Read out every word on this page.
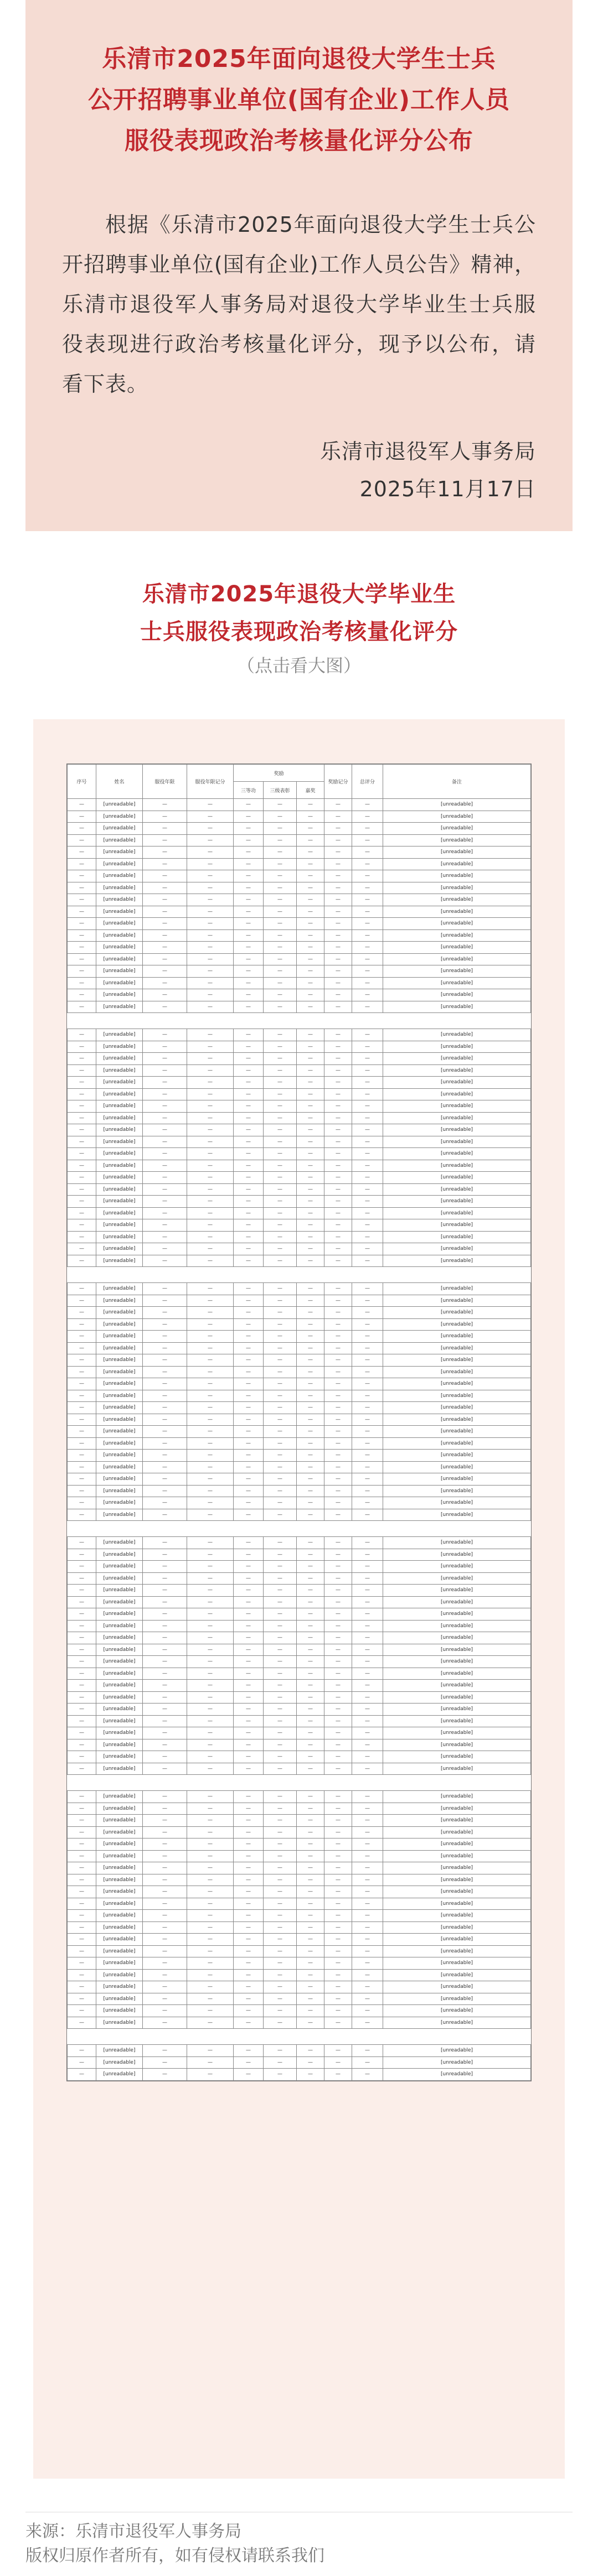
乐清市2025年面向退役大学生士兵
公开招聘事业单位(国有企业)工作人员
服役表现政治考核量化评分公布
根据《乐清市2025年面向退役大学生士兵公开招聘事业单位(国有企业)工作人员公告》精神，乐清市退役军人事务局对退役大学毕业生士兵服役表现进行政治考核量化评分，现予以公布，请看下表。
乐清市退役军人事务局
2025年11月17日
乐清市2025年退役大学毕业生
士兵服役表现政治考核量化评分
（点击看大图）
序号	姓名	服役年限	服役年限记分	奖励			奖励记分	总评分	备注
				三等功	三级表彰	嘉奖			
—	[unreadable]	—	—	—	—	—	—	—	[unreadable]
—	[unreadable]	—	—	—	—	—	—	—	[unreadable]
—	[unreadable]	—	—	—	—	—	—	—	[unreadable]
—	[unreadable]	—	—	—	—	—	—	—	[unreadable]
—	[unreadable]	—	—	—	—	—	—	—	[unreadable]
—	[unreadable]	—	—	—	—	—	—	—	[unreadable]
—	[unreadable]	—	—	—	—	—	—	—	[unreadable]
—	[unreadable]	—	—	—	—	—	—	—	[unreadable]
—	[unreadable]	—	—	—	—	—	—	—	[unreadable]
—	[unreadable]	—	—	—	—	—	—	—	[unreadable]
—	[unreadable]	—	—	—	—	—	—	—	[unreadable]
—	[unreadable]	—	—	—	—	—	—	—	[unreadable]
—	[unreadable]	—	—	—	—	—	—	—	[unreadable]
—	[unreadable]	—	—	—	—	—	—	—	[unreadable]
—	[unreadable]	—	—	—	—	—	—	—	[unreadable]
—	[unreadable]	—	—	—	—	—	—	—	[unreadable]
—	[unreadable]	—	—	—	—	—	—	—	[unreadable]
—	[unreadable]	—	—	—	—	—	—	—	[unreadable]

—	[unreadable]	—	—	—	—	—	—	—	[unreadable]
—	[unreadable]	—	—	—	—	—	—	—	[unreadable]
—	[unreadable]	—	—	—	—	—	—	—	[unreadable]
—	[unreadable]	—	—	—	—	—	—	—	[unreadable]
—	[unreadable]	—	—	—	—	—	—	—	[unreadable]
—	[unreadable]	—	—	—	—	—	—	—	[unreadable]
—	[unreadable]	—	—	—	—	—	—	—	[unreadable]
—	[unreadable]	—	—	—	—	—	—	—	[unreadable]
—	[unreadable]	—	—	—	—	—	—	—	[unreadable]
—	[unreadable]	—	—	—	—	—	—	—	[unreadable]
—	[unreadable]	—	—	—	—	—	—	—	[unreadable]
—	[unreadable]	—	—	—	—	—	—	—	[unreadable]
—	[unreadable]	—	—	—	—	—	—	—	[unreadable]
—	[unreadable]	—	—	—	—	—	—	—	[unreadable]
—	[unreadable]	—	—	—	—	—	—	—	[unreadable]
—	[unreadable]	—	—	—	—	—	—	—	[unreadable]
—	[unreadable]	—	—	—	—	—	—	—	[unreadable]
—	[unreadable]	—	—	—	—	—	—	—	[unreadable]
—	[unreadable]	—	—	—	—	—	—	—	[unreadable]
—	[unreadable]	—	—	—	—	—	—	—	[unreadable]

—	[unreadable]	—	—	—	—	—	—	—	[unreadable]
—	[unreadable]	—	—	—	—	—	—	—	[unreadable]
—	[unreadable]	—	—	—	—	—	—	—	[unreadable]
—	[unreadable]	—	—	—	—	—	—	—	[unreadable]
—	[unreadable]	—	—	—	—	—	—	—	[unreadable]
—	[unreadable]	—	—	—	—	—	—	—	[unreadable]
—	[unreadable]	—	—	—	—	—	—	—	[unreadable]
—	[unreadable]	—	—	—	—	—	—	—	[unreadable]
—	[unreadable]	—	—	—	—	—	—	—	[unreadable]
—	[unreadable]	—	—	—	—	—	—	—	[unreadable]
—	[unreadable]	—	—	—	—	—	—	—	[unreadable]
—	[unreadable]	—	—	—	—	—	—	—	[unreadable]
—	[unreadable]	—	—	—	—	—	—	—	[unreadable]
—	[unreadable]	—	—	—	—	—	—	—	[unreadable]
—	[unreadable]	—	—	—	—	—	—	—	[unreadable]
—	[unreadable]	—	—	—	—	—	—	—	[unreadable]
—	[unreadable]	—	—	—	—	—	—	—	[unreadable]
—	[unreadable]	—	—	—	—	—	—	—	[unreadable]
—	[unreadable]	—	—	—	—	—	—	—	[unreadable]
—	[unreadable]	—	—	—	—	—	—	—	[unreadable]

—	[unreadable]	—	—	—	—	—	—	—	[unreadable]
—	[unreadable]	—	—	—	—	—	—	—	[unreadable]
—	[unreadable]	—	—	—	—	—	—	—	[unreadable]
—	[unreadable]	—	—	—	—	—	—	—	[unreadable]
—	[unreadable]	—	—	—	—	—	—	—	[unreadable]
—	[unreadable]	—	—	—	—	—	—	—	[unreadable]
—	[unreadable]	—	—	—	—	—	—	—	[unreadable]
—	[unreadable]	—	—	—	—	—	—	—	[unreadable]
—	[unreadable]	—	—	—	—	—	—	—	[unreadable]
—	[unreadable]	—	—	—	—	—	—	—	[unreadable]
—	[unreadable]	—	—	—	—	—	—	—	[unreadable]
—	[unreadable]	—	—	—	—	—	—	—	[unreadable]
—	[unreadable]	—	—	—	—	—	—	—	[unreadable]
—	[unreadable]	—	—	—	—	—	—	—	[unreadable]
—	[unreadable]	—	—	—	—	—	—	—	[unreadable]
—	[unreadable]	—	—	—	—	—	—	—	[unreadable]
—	[unreadable]	—	—	—	—	—	—	—	[unreadable]
—	[unreadable]	—	—	—	—	—	—	—	[unreadable]
—	[unreadable]	—	—	—	—	—	—	—	[unreadable]
—	[unreadable]	—	—	—	—	—	—	—	[unreadable]

—	[unreadable]	—	—	—	—	—	—	—	[unreadable]
—	[unreadable]	—	—	—	—	—	—	—	[unreadable]
—	[unreadable]	—	—	—	—	—	—	—	[unreadable]
—	[unreadable]	—	—	—	—	—	—	—	[unreadable]
—	[unreadable]	—	—	—	—	—	—	—	[unreadable]
—	[unreadable]	—	—	—	—	—	—	—	[unreadable]
—	[unreadable]	—	—	—	—	—	—	—	[unreadable]
—	[unreadable]	—	—	—	—	—	—	—	[unreadable]
—	[unreadable]	—	—	—	—	—	—	—	[unreadable]
—	[unreadable]	—	—	—	—	—	—	—	[unreadable]
—	[unreadable]	—	—	—	—	—	—	—	[unreadable]
—	[unreadable]	—	—	—	—	—	—	—	[unreadable]
—	[unreadable]	—	—	—	—	—	—	—	[unreadable]
—	[unreadable]	—	—	—	—	—	—	—	[unreadable]
—	[unreadable]	—	—	—	—	—	—	—	[unreadable]
—	[unreadable]	—	—	—	—	—	—	—	[unreadable]
—	[unreadable]	—	—	—	—	—	—	—	[unreadable]
—	[unreadable]	—	—	—	—	—	—	—	[unreadable]
—	[unreadable]	—	—	—	—	—	—	—	[unreadable]
—	[unreadable]	—	—	—	—	—	—	—	[unreadable]

—	[unreadable]	—	—	—	—	—	—	—	[unreadable]
—	[unreadable]	—	—	—	—	—	—	—	[unreadable]
—	[unreadable]	—	—	—	—	—	—	—	[unreadable]
来源：乐清市退役军人事务局
版权归原作者所有，如有侵权请联系我们
